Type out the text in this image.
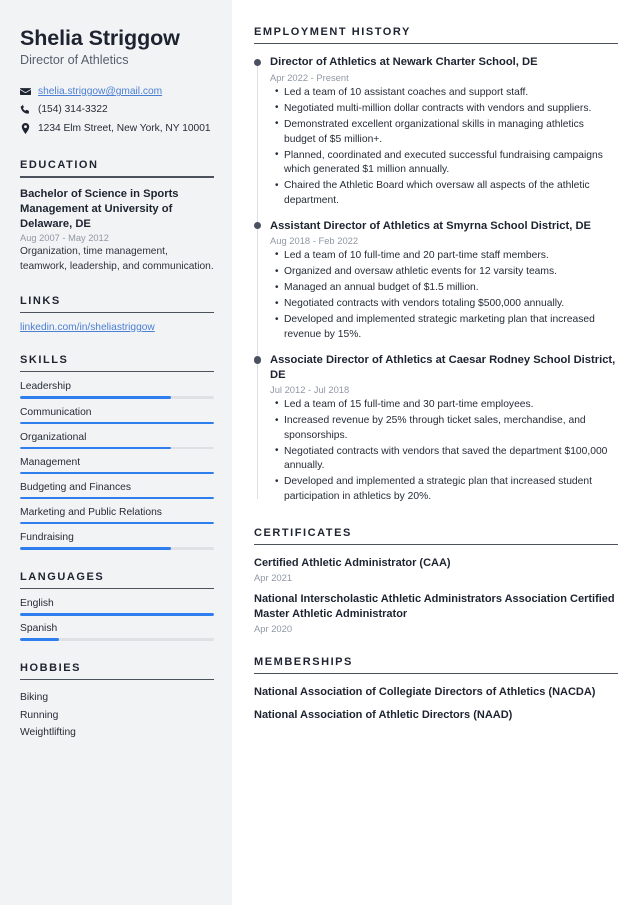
Shelia Striggow
Director of Athletics
shelia.striggow@gmail.com
(154) 314-3322
1234 Elm Street, New York, NY 10001
EDUCATION
Bachelor of Science in Sports Management at University of Delaware, DE
Aug 2007 - May 2012
Organization, time management, teamwork, leadership, and communication.
LINKS
linkedin.com/in/sheliastriggow
SKILLS
Leadership
Communication
Organizational
Management
Budgeting and Finances
Marketing and Public Relations
Fundraising
LANGUAGES
English
Spanish
HOBBIES
Biking
Running
Weightlifting
EMPLOYMENT HISTORY
Director of Athletics at Newark Charter School, DE
Apr 2022 - Present
• Led a team of 10 assistant coaches and support staff.
• Negotiated multi-million dollar contracts with vendors and suppliers.
• Demonstrated excellent organizational skills in managing athletics budget of $5 million+.
• Planned, coordinated and executed successful fundraising campaigns which generated $1 million annually.
• Chaired the Athletic Board which oversaw all aspects of the athletic department.
Assistant Director of Athletics at Smyrna School District, DE
Aug 2018 - Feb 2022
• Led a team of 10 full-time and 20 part-time staff members.
• Organized and oversaw athletic events for 12 varsity teams.
• Managed an annual budget of $1.5 million.
• Negotiated contracts with vendors totaling $500,000 annually.
• Developed and implemented strategic marketing plan that increased revenue by 15%.
Associate Director of Athletics at Caesar Rodney School District, DE
Jul 2012 - Jul 2018
• Led a team of 15 full-time and 30 part-time employees.
• Increased revenue by 25% through ticket sales, merchandise, and sponsorships.
• Negotiated contracts with vendors that saved the department $100,000 annually.
• Developed and implemented a strategic plan that increased student participation in athletics by 20%.
CERTIFICATES
Certified Athletic Administrator (CAA)
Apr 2021
National Interscholastic Athletic Administrators Association Certified Master Athletic Administrator
Apr 2020
MEMBERSHIPS
National Association of Collegiate Directors of Athletics (NACDA)
National Association of Athletic Directors (NAAD)
